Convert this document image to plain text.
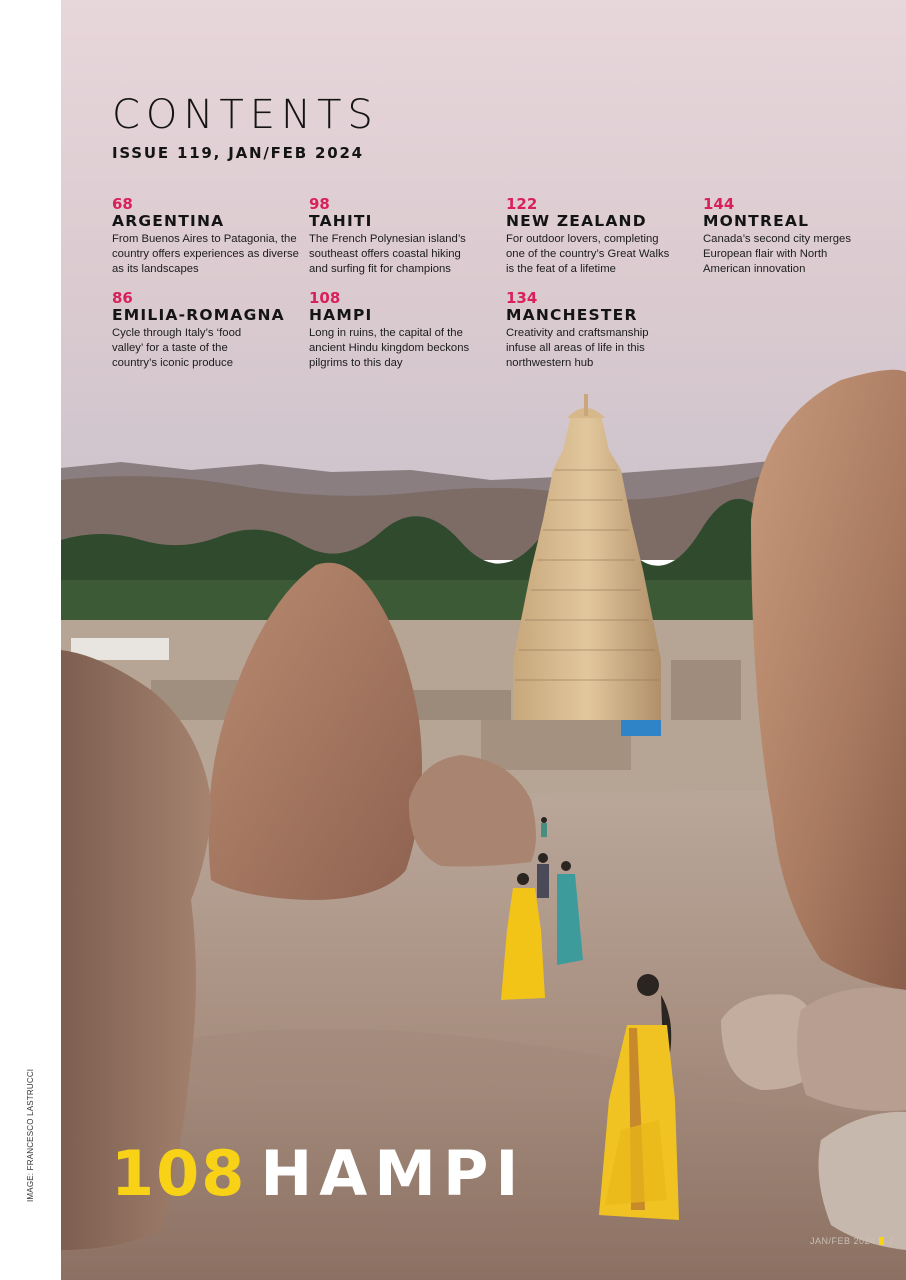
IMAGE: FRANCESCO LASTRUCCI
CONTENTS
ISSUE 119, JAN/FEB 2024
68
ARGENTINA
From Buenos Aires to Patagonia, the country offers experiences as diverse as its landscapes
98
TAHITI
The French Polynesian island’s southeast offers coastal hiking and surfing fit for champions
122
NEW ZEALAND
For outdoor lovers, completing one of the country’s Great Walks is the feat of a lifetime
144
MONTREAL
Canada’s second city merges European flair with North American innovation
86
EMILIA-ROMAGNA
Cycle through Italy’s ‘food valley’ for a taste of the country’s iconic produce
108
HAMPI
Long in ruins, the capital of the ancient Hindu kingdom beckons pilgrims to this day
134
MANCHESTER
Creativity and craftsmanship infuse all areas of life in this northwestern hub
108 HAMPI
JAN/FEB 2024 7
